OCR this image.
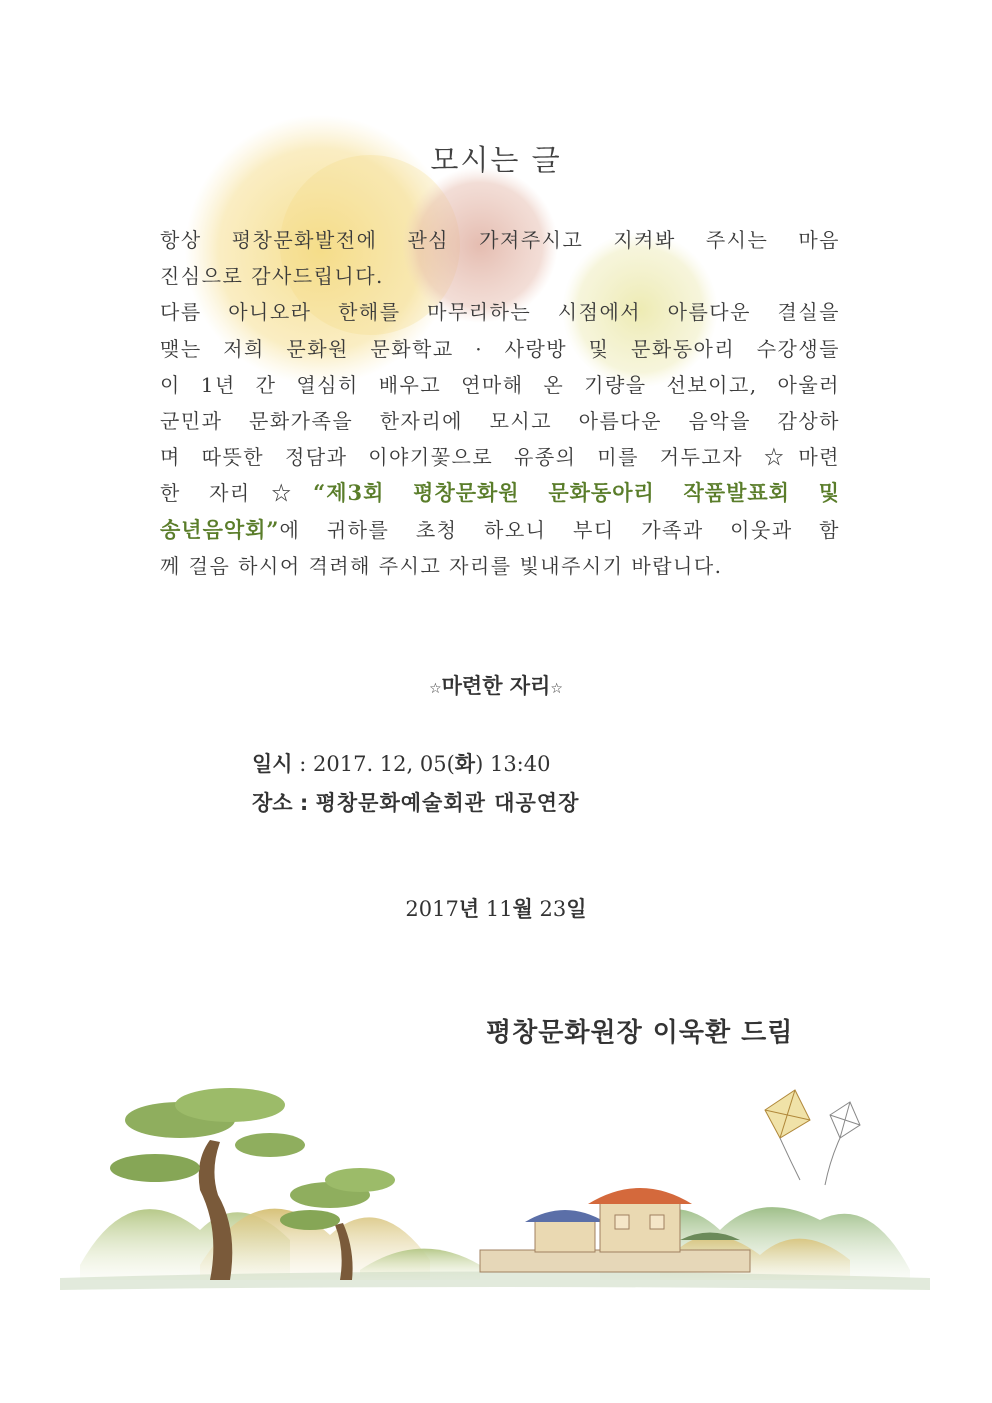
모시는 글
항상 평창문화발전에 관심 가져주시고 지켜봐 주시는 마음
진심으로 감사드립니다.
다름 아니오라 한해를 마무리하는 시점에서 아름다운 결실을
맺는 저희 문화원 문화학교 · 사랑방 및 문화동아리 수강생들
이 1년 간 열심히 배우고 연마해 온 기량을 선보이고, 아울러
군민과 문화가족을 한자리에 모시고 아름다운 음악을 감상하
며 따뜻한 정담과 이야기꽃으로 유종의 미를 거두고자 ☆마련
한 자리☆“제3회 평창문화원 문화동아리 작품발표회 및
송년음악회”에 귀하를 초청 하오니 부디 가족과 이웃과 함
께 걸음 하시어 격려해 주시고 자리를 빛내주시기 바랍니다.
☆마련한 자리☆
일시 : 2017. 12, 05(화) 13:40
장소 : 평창문화예술회관 대공연장
2017년 11월 23일
평창문화원장 이욱환 드림
